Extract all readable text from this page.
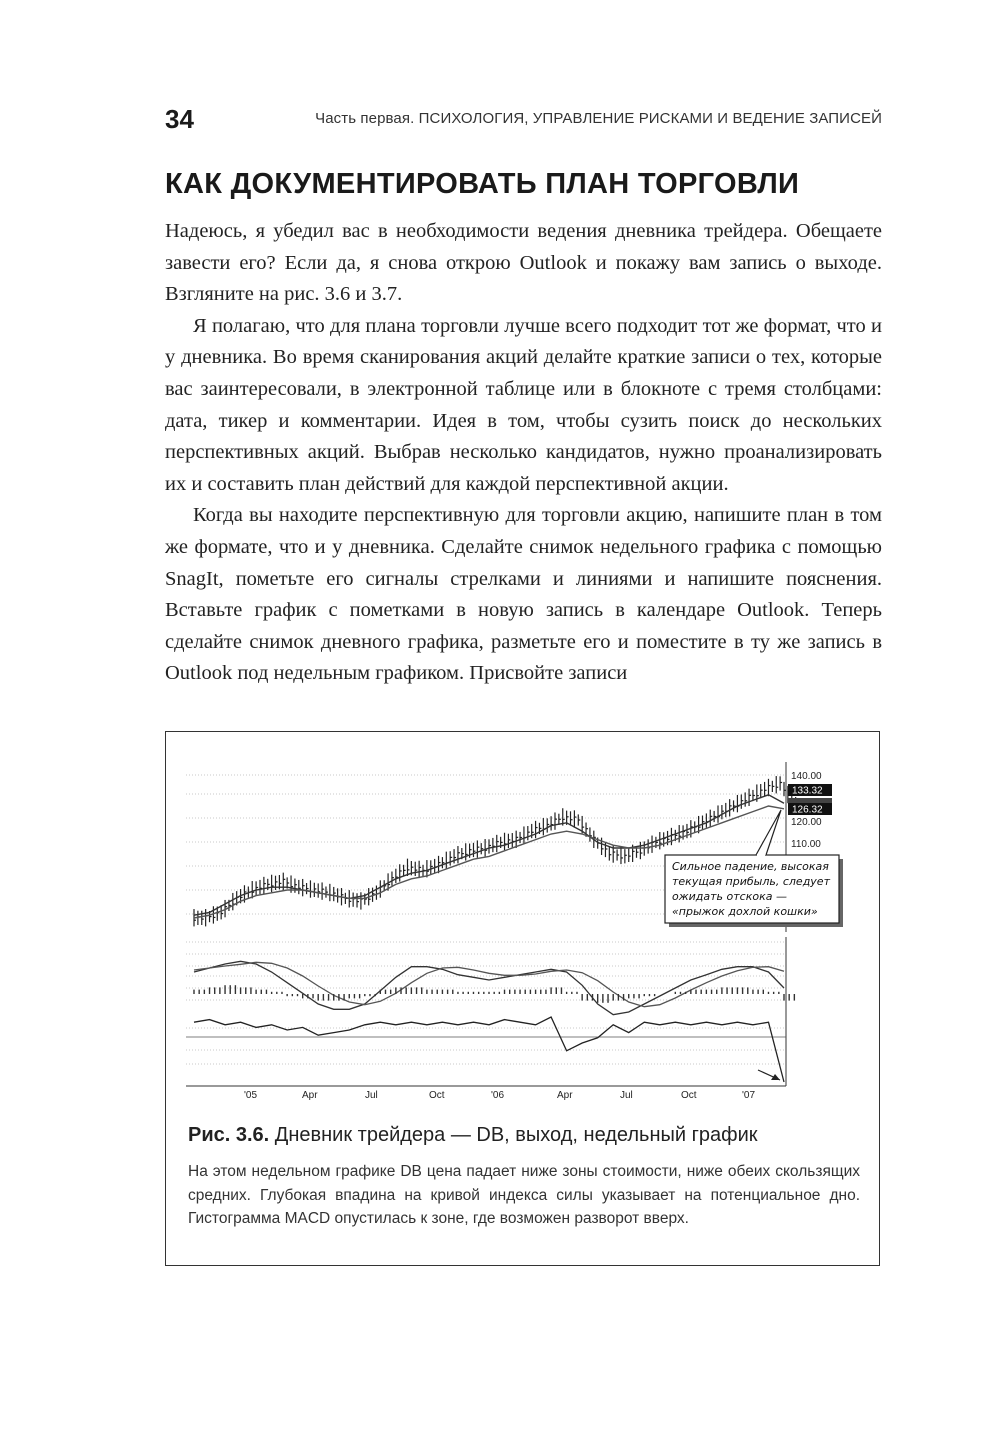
34	Часть первая. ПСИХОЛОГИЯ, УПРАВЛЕНИЕ РИСКАМИ И ВЕДЕНИЕ ЗАПИСЕЙ
КАК ДОКУМЕНТИРОВАТЬ ПЛАН ТОРГОВЛИ

Надеюсь, я убедил вас в необходимости ведения дневника трейдера. Обещаете завести его? Если да, я снова открою Outlook и покажу вам запись о выходе. Взгляните на рис. 3.6 и 3.7.

Я полагаю, что для плана торговли лучше всего подходит тот же формат, что и у дневника. Во время сканирования акций делайте краткие записи о тех, которые вас заинтересовали, в электронной таблице или в блокноте с тремя столбцами: дата, тикер и комментарии. Идея в том, чтобы сузить поиск до нескольких перспективных акций. Выбрав несколько кандидатов, нужно проанализировать их и составить план действий для каждой перспективной акции.

Когда вы находите перспективную для торговли акцию, напишите план в том же формате, что и у дневника. Сделайте снимок недельного графика с помощью SnagIt, пометьте его сигналы стрелками и линиями и напишите пояснения. Вставьте график с пометками в новую запись в календаре Outlook. Теперь сделайте снимок дневного графика, разметьте его и поместите в ту же запись в Outlook под недельным графиком. Присвойте записи

140.00
133.32
126.32
120.00
110.00
'05	Apr	Jul	Oct	'06	Apr	Jul	Oct	'07
Сильное падение, высокая
текущая прибыль, следует
ожидать отскока —
«прыжок дохлой кошки»
Рис. 3.6. Дневник трейдера — DB, выход, недельный график
На этом недельном графике DB цена падает ниже зоны стоимости, ниже обеих скользящих средних. Глубокая впадина на кривой индекса силы указывает на потенциальное дно. Гистограмма MACD опустилась к зоне, где возможен разворот вверх.
